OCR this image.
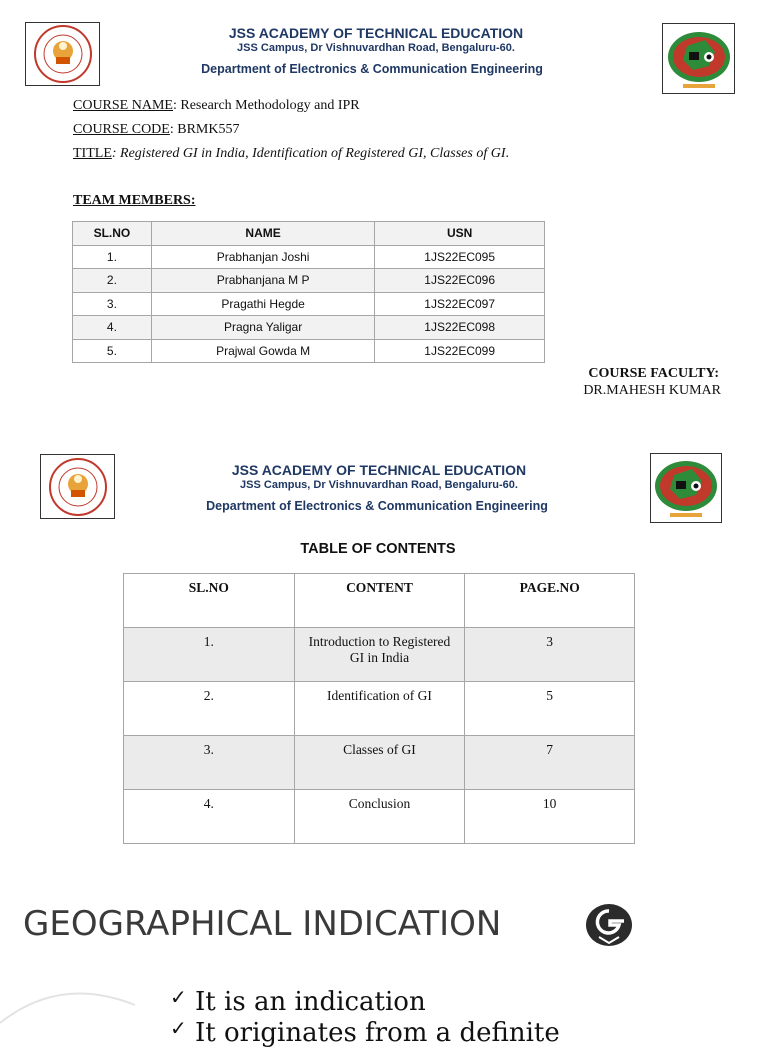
JSS ACADEMY OF TECHNICAL EDUCATION
JSS Campus, Dr Vishnuvardhan Road, Bengaluru-60.
Department of Electronics & Communication Engineering
COURSE NAME: Research Methodology and IPR
COURSE CODE: BRMK557
TITLE: Registered GI in India, Identification of Registered GI, Classes of GI.
TEAM MEMBERS:
SL.NO	NAME	USN
1.	Prabhanjan Joshi	1JS22EC095
2.	Prabhanjana M P	1JS22EC096
3.	Pragathi Hegde	1JS22EC097
4.	Pragna Yaligar	1JS22EC098
5.	Prajwal Gowda M	1JS22EC099
COURSE FACULTY:
DR.MAHESH KUMAR
JSS ACADEMY OF TECHNICAL EDUCATION
JSS Campus, Dr Vishnuvardhan Road, Bengaluru-60.
Department of Electronics & Communication Engineering
TABLE OF CONTENTS
SL.NO	CONTENT	PAGE.NO
1.	Introduction to Registered GI in India	3
2.	Identification of GI	5
3.	Classes of GI	7
4.	Conclusion	10
GEOGRAPHICAL INDICATION
✓ It is an indication
✓ It originates from a definite
